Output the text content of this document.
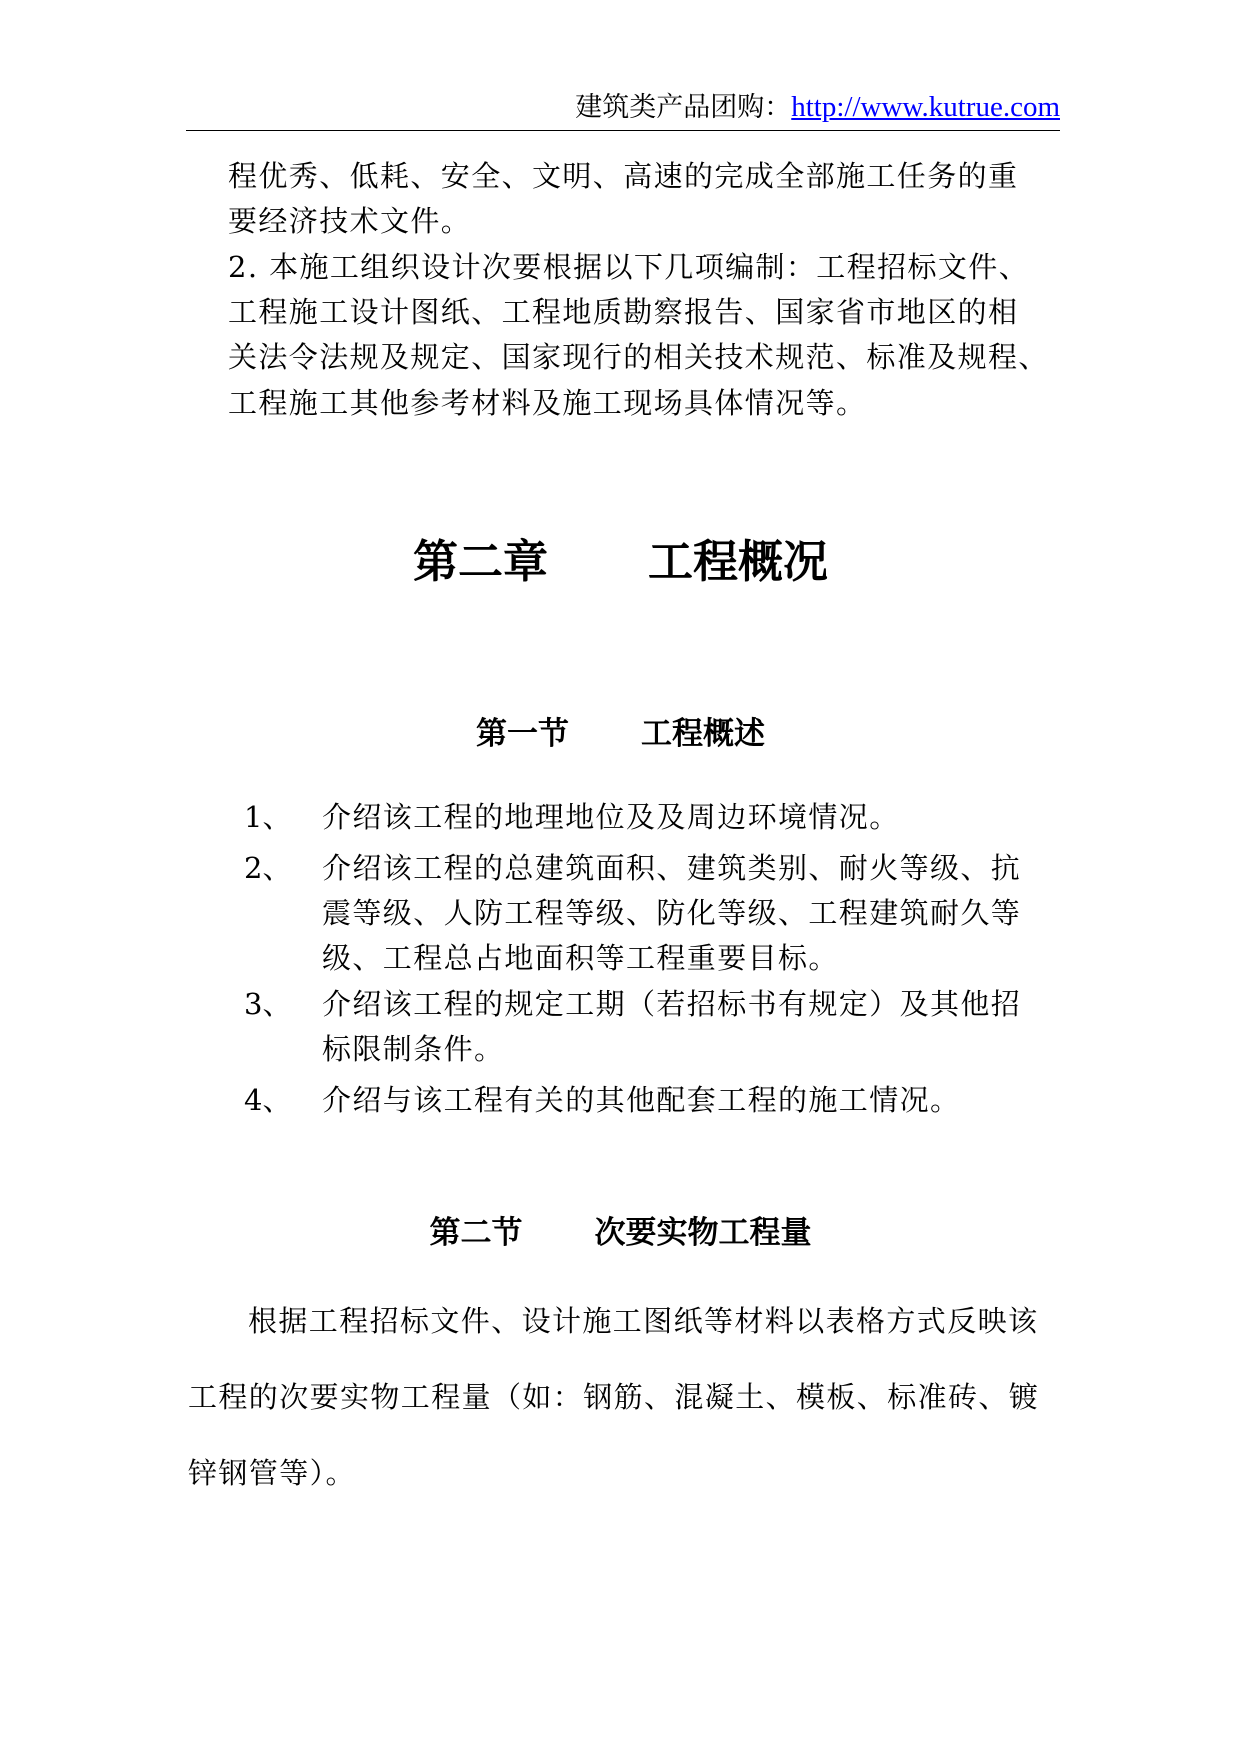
建筑类产品团购：http://www.kutrue.com
程优秀、低耗、安全、文明、高速的完成全部施工任务的重
要经济技术文件。
2. 本施工组织设计次要根据以下几项编制：工程招标文件、
工程施工设计图纸、工程地质勘察报告、国家省市地区的相
关法令法规及规定、国家现行的相关技术规范、标准及规程、
工程施工其他参考材料及施工现场具体情况等。
第二章 工程概况
第一节 工程概述
1、 介绍该工程的地理地位及及周边环境情况。
2、 介绍该工程的总建筑面积、建筑类别、耐火等级、抗
震等级、人防工程等级、防化等级、工程建筑耐久等
级、工程总占地面积等工程重要目标。
3、 介绍该工程的规定工期（若招标书有规定）及其他招
标限制条件。
4、 介绍与该工程有关的其他配套工程的施工情况。
第二节 次要实物工程量
根据工程招标文件、设计施工图纸等材料以表格方式反映该
工程的次要实物工程量（如：钢筋、混凝土、模板、标准砖、镀
锌钢管等）。
